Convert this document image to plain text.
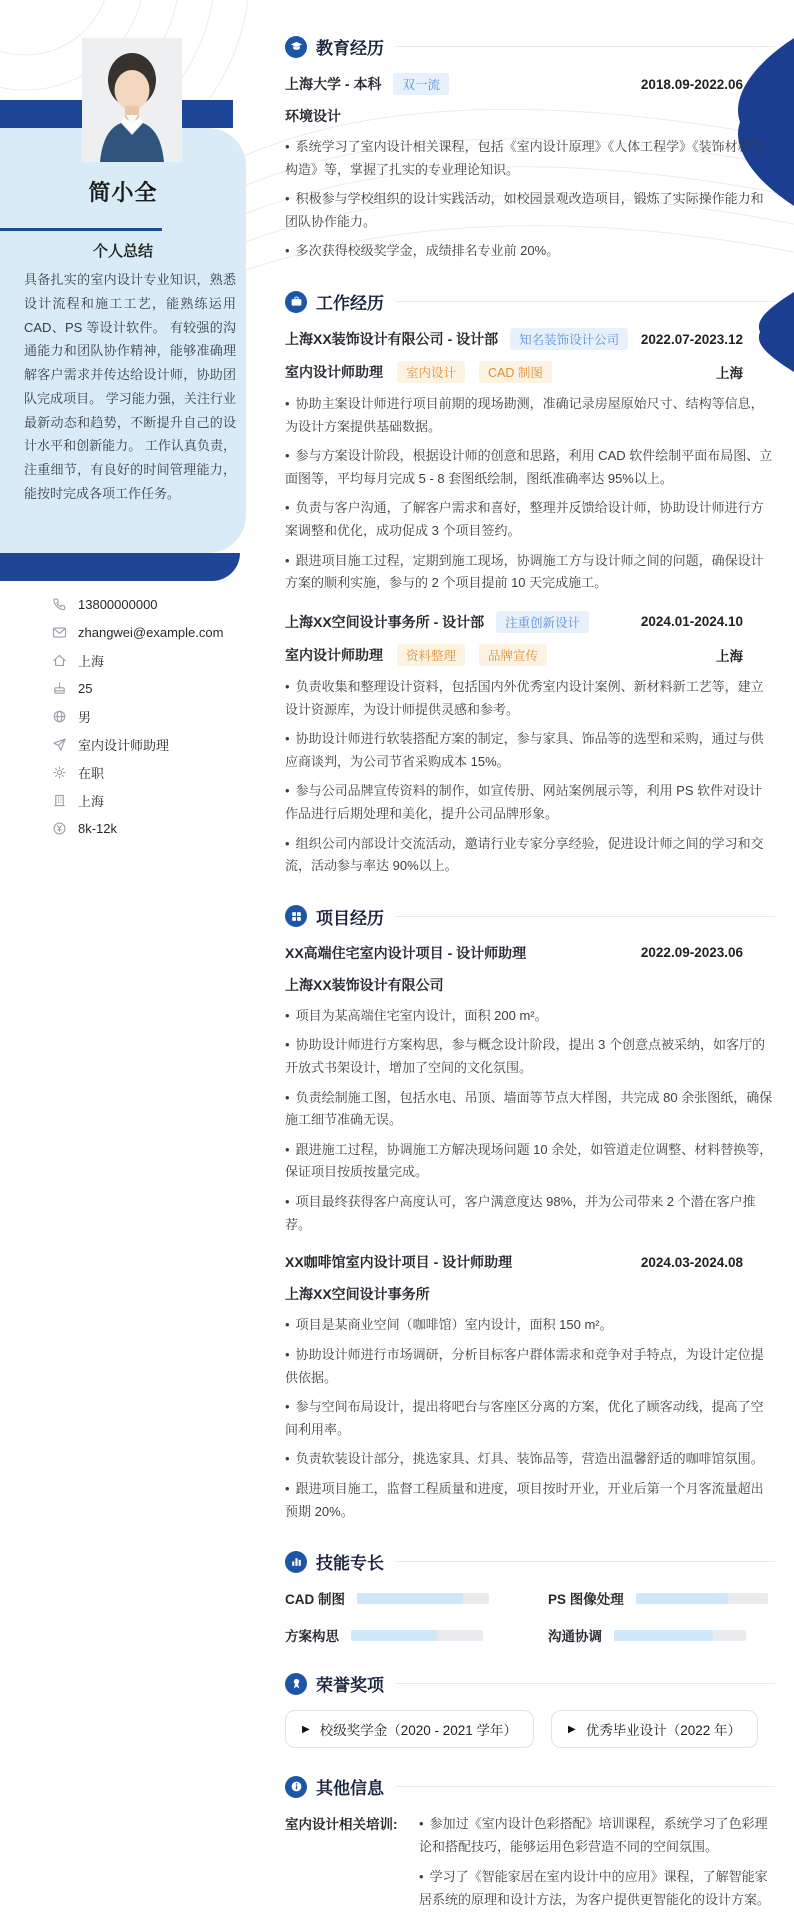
简小全
个人总结

具备扎实的室内设计专业知识，熟悉设计流程和施工工艺，能熟练运用 CAD、PS 等设计软件。 有较强的沟通能力和团队协作精神，能够准确理解客户需求并传达给设计师，协助团队完成项目。 学习能力强，关注行业最新动态和趋势，不断提升自己的设计水平和创新能力。 工作认真负责，注重细节，有良好的时间管理能力，能按时完成各项工作任务。

13800000000
zhangwei@example.com
上海
25
男
室内设计师助理
在职
上海
8k-12k
教育经历
上海大学 - 本科	双一流	2018.09-2022.06
环境设计

•系统学习了室内设计相关课程，包括《室内设计原理》《人体工程学》《装饰材料与构造》等，掌握了扎实的专业理论知识。

•积极参与学校组织的设计实践活动，如校园景观改造项目，锻炼了实际操作能力和团队协作能力。

•多次获得校级奖学金，成绩排名专业前 20%。

工作经历
上海XX装饰设计有限公司 - 设计部	知名装饰设计公司	2022.07-2023.12
室内设计师助理	室内设计	CAD 制图	上海

•协助主案设计师进行项目前期的现场勘测，准确记录房屋原始尺寸、结构等信息，为设计方案提供基础数据。

•参与方案设计阶段，根据设计师的创意和思路，利用 CAD 软件绘制平面布局图、立面图等，平均每月完成 5 - 8 套图纸绘制，图纸准确率达 95%以上。

•负责与客户沟通，了解客户需求和喜好，整理并反馈给设计师，协助设计师进行方案调整和优化，成功促成 3 个项目签约。

•跟进项目施工过程，定期到施工现场，协调施工方与设计师之间的问题，确保设计方案的顺利实施，参与的 2 个项目提前 10 天完成施工。

上海XX空间设计事务所 - 设计部	注重创新设计	2024.01-2024.10
室内设计师助理	资料整理	品牌宣传	上海

•负责收集和整理设计资料，包括国内外优秀室内设计案例、新材料新工艺等，建立设计资源库，为设计师提供灵感和参考。

•协助设计师进行软装搭配方案的制定，参与家具、饰品等的选型和采购，通过与供应商谈判，为公司节省采购成本 15%。

•参与公司品牌宣传资料的制作，如宣传册、网站案例展示等，利用 PS 软件对设计作品进行后期处理和美化，提升公司品牌形象。

•组织公司内部设计交流活动，邀请行业专家分享经验，促进设计师之间的学习和交流，活动参与率达 90%以上。

项目经历
XX高端住宅室内设计项目 - 设计师助理	2022.09-2023.06
上海XX装饰设计有限公司

•项目为某高端住宅室内设计，面积 200 m²。

•协助设计师进行方案构思，参与概念设计阶段，提出 3 个创意点被采纳，如客厅的开放式书架设计，增加了空间的文化氛围。

•负责绘制施工图，包括水电、吊顶、墙面等节点大样图，共完成 80 余张图纸，确保施工细节准确无误。

•跟进施工过程，协调施工方解决现场问题 10 余处，如管道走位调整、材料替换等，保证项目按质按量完成。

•项目最终获得客户高度认可，客户满意度达 98%，并为公司带来 2 个潜在客户推荐。

XX咖啡馆室内设计项目 - 设计师助理	2024.03-2024.08
上海XX空间设计事务所

•项目是某商业空间（咖啡馆）室内设计，面积 150 m²。

•协助设计师进行市场调研，分析目标客户群体需求和竞争对手特点，为设计定位提供依据。

•参与空间布局设计，提出将吧台与客座区分离的方案，优化了顾客动线，提高了空间利用率。

•负责软装设计部分，挑选家具、灯具、装饰品等，营造出温馨舒适的咖啡馆氛围。

•跟进项目施工，监督工程质量和进度，项目按时开业，开业后第一个月客流量超出预期 20%。

技能专长
CAD 制图	PS 图像处理
方案构思	沟通协调
荣誉奖项
▶ 校级奖学金（2020 - 2021 学年）	▶ 优秀毕业设计（2022 年）
其他信息
室内设计相关培训:	•参加过《室内设计色彩搭配》培训课程，系统学习了色彩理论和搭配技巧，能够运用色彩营造不同的空间氛围。

•学习了《智能家居在室内设计中的应用》课程，了解智能家居系统的原理和设计方法，为客户提供更智能化的设计方案。
